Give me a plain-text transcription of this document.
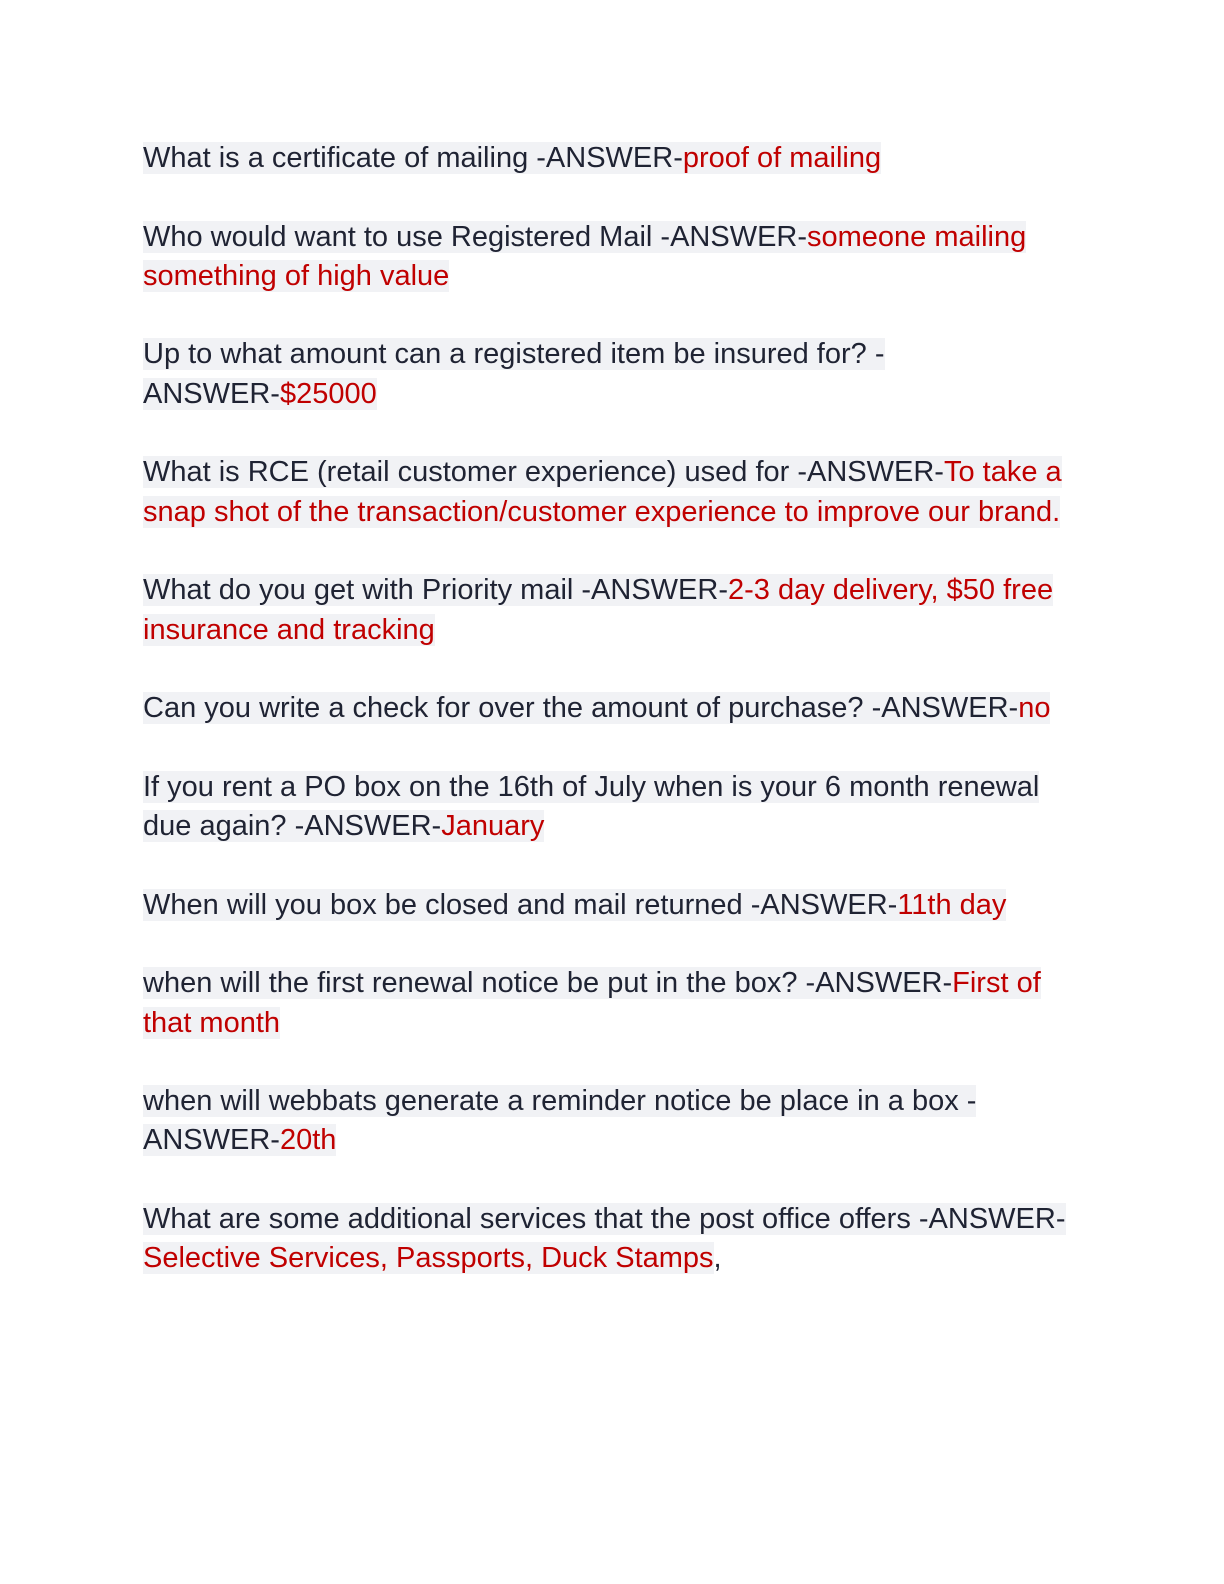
What is a certificate of mailing -ANSWER-proof of mailing

Who would want to use Registered Mail -ANSWER-someone mailing something of high value

Up to what amount can a registered item be insured for? -ANSWER-$25000

What is RCE (retail customer experience) used for -ANSWER-To take a snap shot of the transaction/customer experience to improve our brand.

What do you get with Priority mail -ANSWER-2-3 day delivery, $50 free insurance and tracking

Can you write a check for over the amount of purchase? -ANSWER-no

If you rent a PO box on the 16th of July when is your 6 month renewal due again? -ANSWER-January

When will you box be closed and mail returned -ANSWER-11th day

when will the first renewal notice be put in the box? -ANSWER-First of that month

when will webbats generate a reminder notice be place in a box -ANSWER-20th

What are some additional services that the post office offers -ANSWER-Selective Services, Passports, Duck Stamps,
